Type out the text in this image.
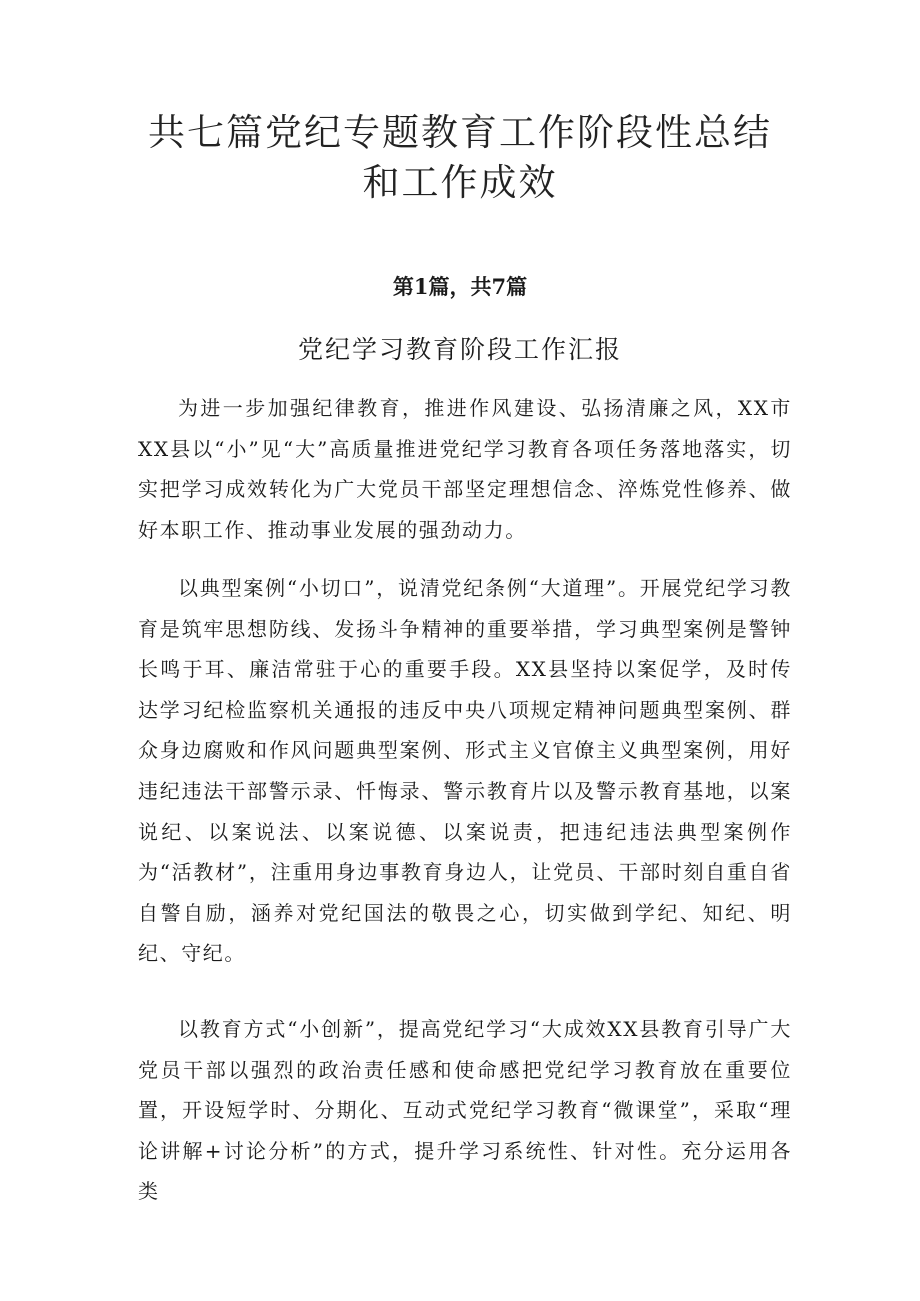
共七篇党纪专题教育工作阶段性总结和工作成效
第1篇，共7篇
党纪学习教育阶段工作汇报

为进一步加强纪律教育，推进作风建设、弘扬清廉之风，XX市XX县以“小”见“大”高质量推进党纪学习教育各项任务落地落实，切实把学习成效转化为广大党员干部坚定理想信念、淬炼党性修养、做好本职工作、推动事业发展的强劲动力。

以典型案例“小切口”，说清党纪条例“大道理”。开展党纪学习教育是筑牢思想防线、发扬斗争精神的重要举措，学习典型案例是警钟长鸣于耳、廉洁常驻于心的重要手段。XX县坚持以案促学，及时传达学习纪检监察机关通报的违反中央八项规定精神问题典型案例、群众身边腐败和作风问题典型案例、形式主义官僚主义典型案例，用好违纪违法干部警示录、忏悔录、警示教育片以及警示教育基地，以案说纪、以案说法、以案说德、以案说责，把违纪违法典型案例作为“活教材”，注重用身边事教育身边人，让党员、干部时刻自重自省自警自励，涵养对党纪国法的敬畏之心，切实做到学纪、知纪、明纪、守纪。

以教育方式“小创新”，提高党纪学习“大成效XX县教育引导广大党员干部以强烈的政治责任感和使命感把党纪学习教育放在重要位置，开设短学时、分期化、互动式党纪学习教育“微课堂”，采取“理论讲解+讨论分析”的方式，提升学习系统性、针对性。充分运用各类
